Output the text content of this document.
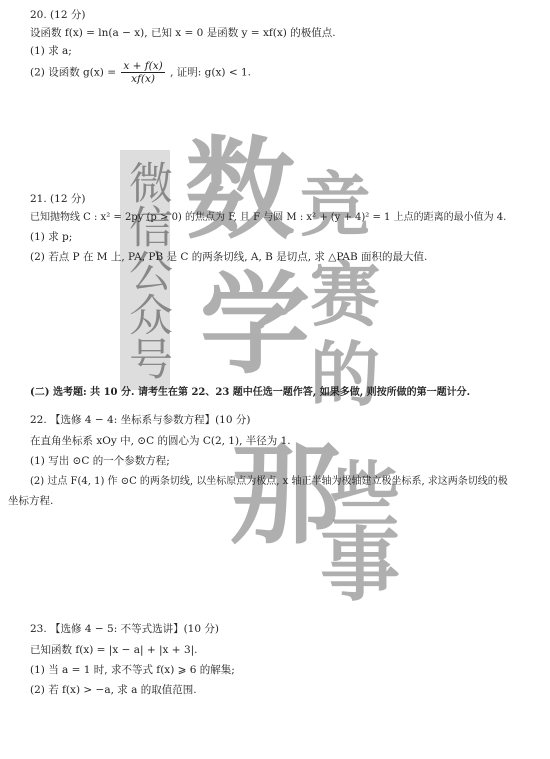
微信公众号 数
学
那
竞
赛
的
些
事
20. (12 分)
设函数 f(x) = ln(a − x), 已知 x = 0 是函数 y = xf(x) 的极值点.
(1) 求 a;
(2) 设函数 $g(x) = \frac{x + f(x)}{xf(x)}$ , 证明: g(x) < 1.
21. (12 分)
已知抛物线 C : x² = 2py (p > 0) 的焦点为 F, 且 F 与圆 M : x² + (y + 4)² = 1 上点的距离的最小值为 4.
(1) 求 p;
(2) 若点 P 在 M 上, PA, PB 是 C 的两条切线, A, B 是切点, 求 △PAB 面积的最大值.
(二) 选考题: 共 10 分. 请考生在第 22、23 题中任选一题作答, 如果多做, 则按所做的第一题计分.
22. 【选修 4 − 4: 坐标系与参数方程】(10 分)
在直角坐标系 xOy 中, ⊙C 的圆心为 C(2, 1), 半径为 1.
(1) 写出 ⊙C 的一个参数方程;
(2) 过点 F(4, 1) 作 ⊙C 的两条切线, 以坐标原点为极点, x 轴正半轴为极轴建立极坐标系, 求这两条切线的极
坐标方程.
23. 【选修 4 − 5: 不等式选讲】(10 分)
已知函数 f(x) = |x − a| + |x + 3|.
(1) 当 a = 1 时, 求不等式 f(x) ⩾ 6 的解集;
(2) 若 f(x) > −a, 求 a 的取值范围.
